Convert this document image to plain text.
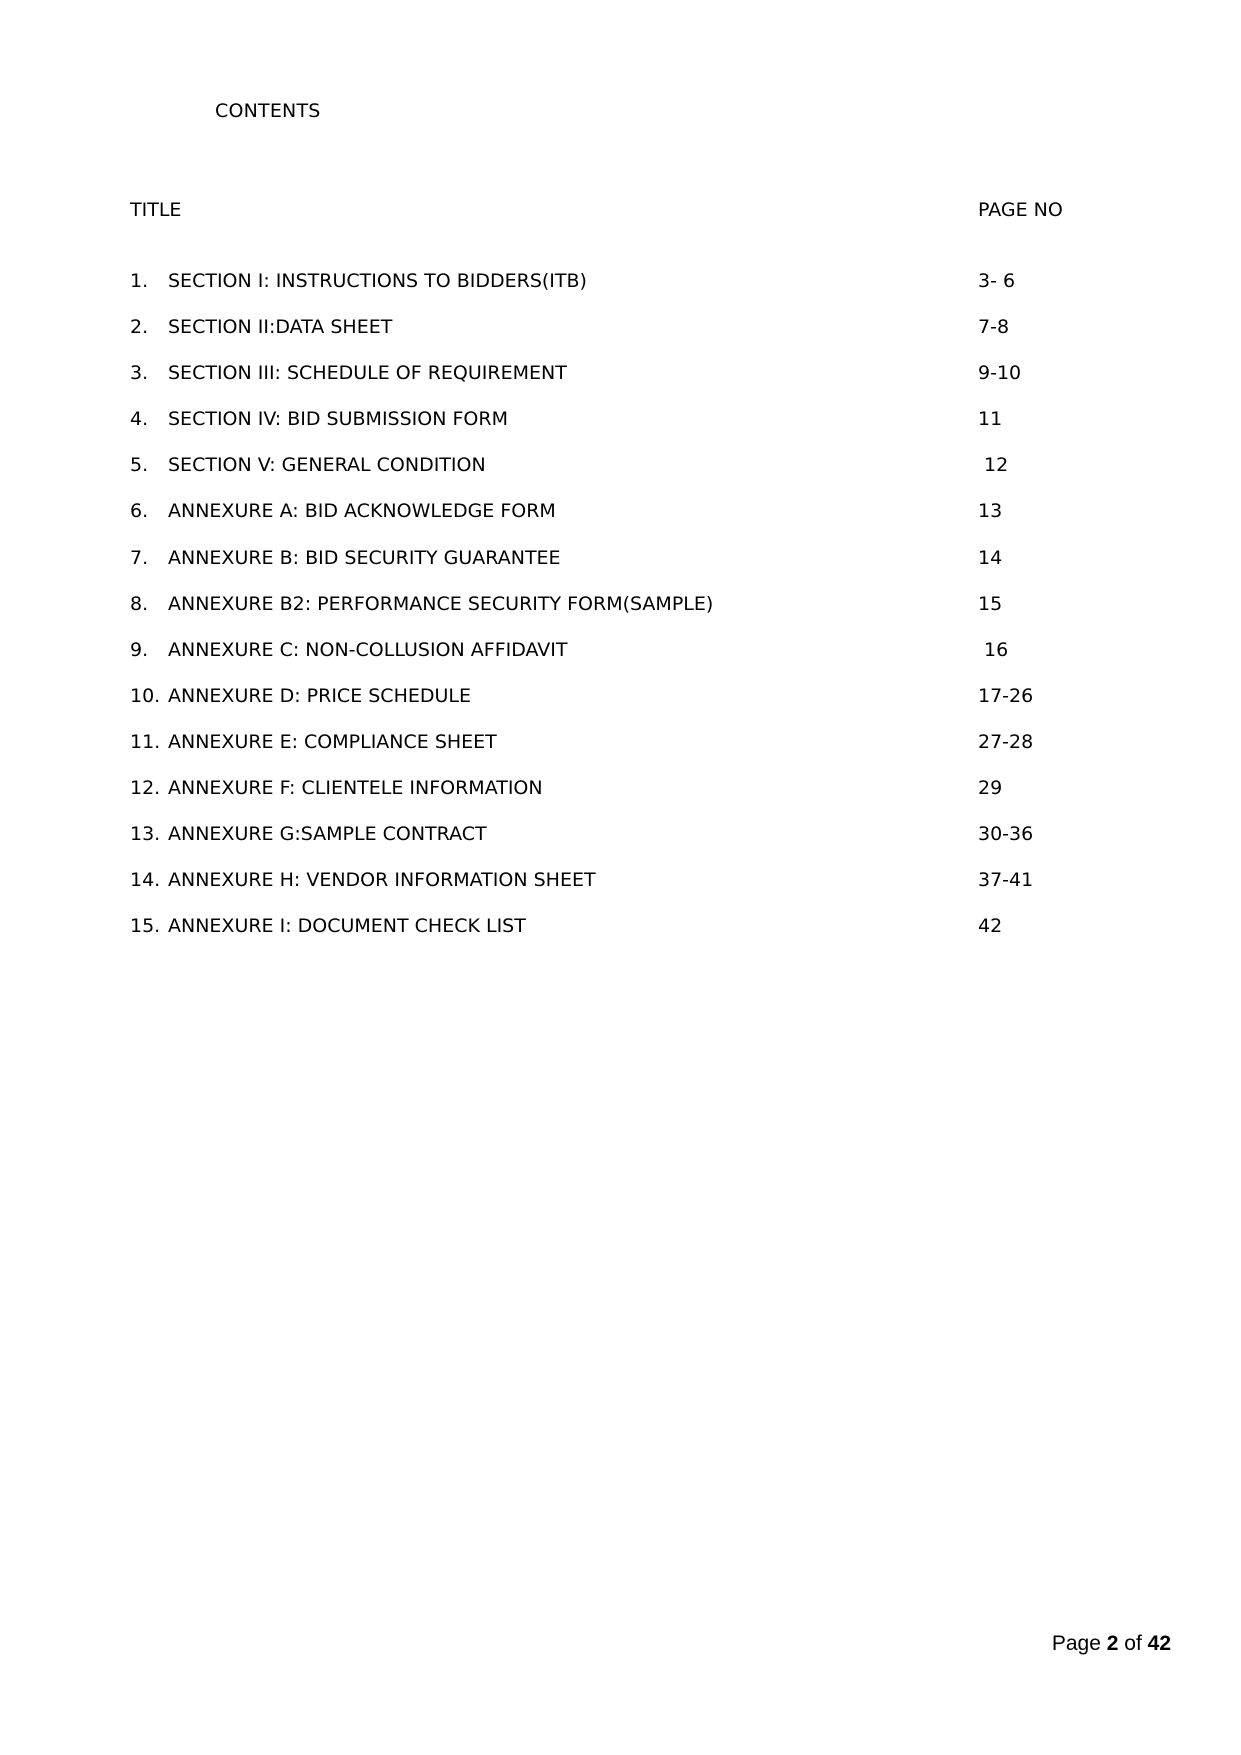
CONTENTS
TITLE	PAGE NO
1. SECTION I: INSTRUCTIONS TO BIDDERS(ITB)	3- 6
2. SECTION II:DATA SHEET	7-8
3. SECTION III: SCHEDULE OF REQUIREMENT	9-10
4. SECTION IV: BID SUBMISSION FORM	11
5. SECTION V: GENERAL CONDITION	12
6. ANNEXURE A: BID ACKNOWLEDGE FORM	13
7. ANNEXURE B: BID SECURITY GUARANTEE	14
8. ANNEXURE B2: PERFORMANCE SECURITY FORM(SAMPLE)	15
9. ANNEXURE C: NON-COLLUSION AFFIDAVIT	16
10. ANNEXURE D: PRICE SCHEDULE	17-26
11. ANNEXURE E: COMPLIANCE SHEET	27-28
12. ANNEXURE F: CLIENTELE INFORMATION	29
13. ANNEXURE G:SAMPLE CONTRACT	30-36
14. ANNEXURE H: VENDOR INFORMATION SHEET	37-41
15. ANNEXURE I: DOCUMENT CHECK LIST	42
Page 2 of 42
